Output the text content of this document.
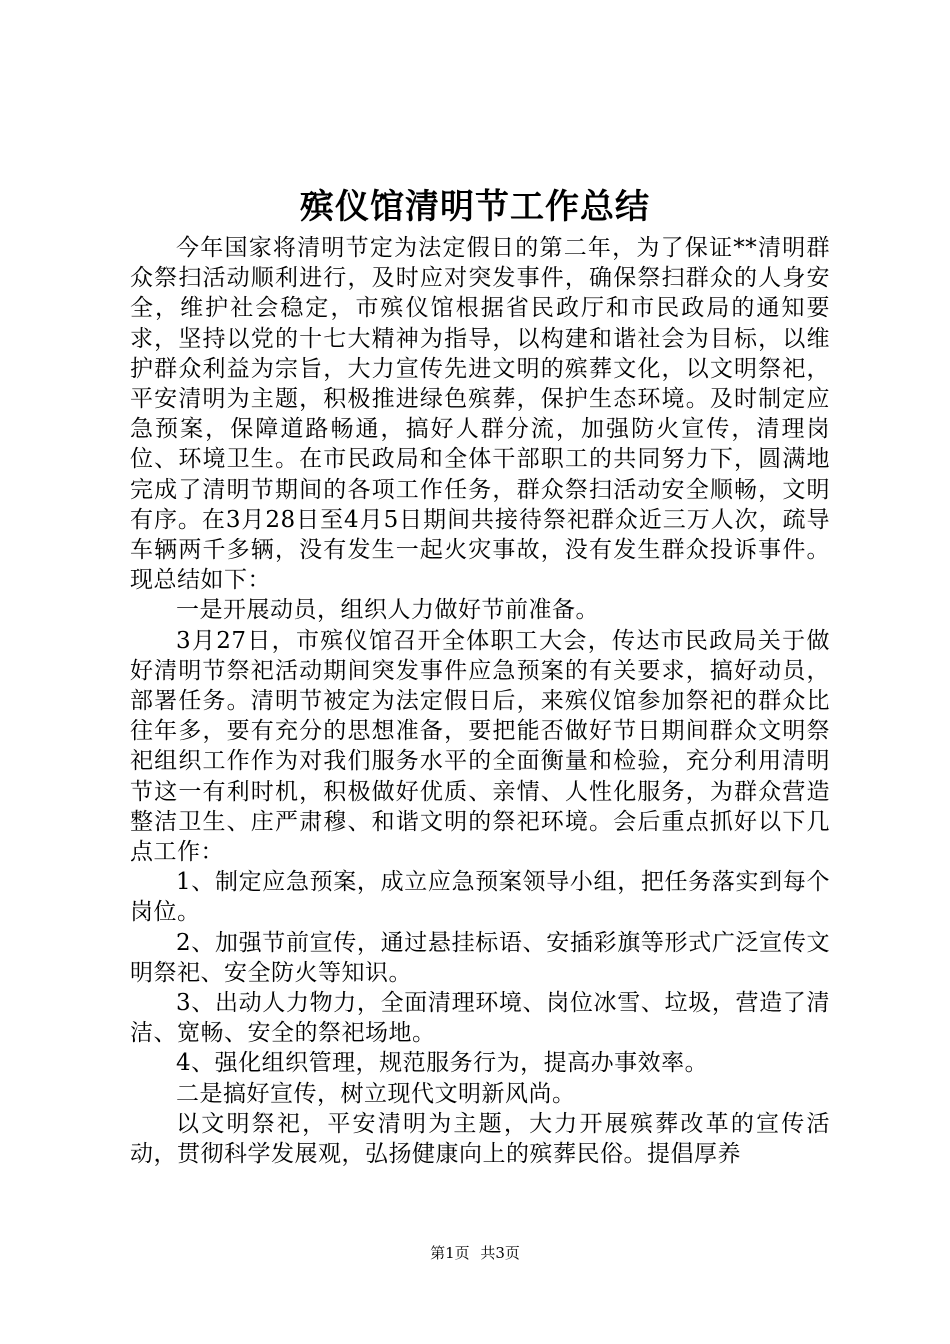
殡仪馆清明节工作总结

今年国家将清明节定为法定假日的第二年，为了保证**清明群众祭扫活动顺利进行，及时应对突发事件，确保祭扫群众的人身安全，维护社会稳定，市殡仪馆根据省民政厅和市民政局的通知要求，坚持以党的十七大精神为指导，以构建和谐社会为目标，以维护群众利益为宗旨，大力宣传先进文明的殡葬文化，以文明祭祀，平安清明为主题，积极推进绿色殡葬，保护生态环境。及时制定应急预案，保障道路畅通，搞好人群分流，加强防火宣传，清理岗位、环境卫生。在市民政局和全体干部职工的共同努力下，圆满地完成了清明节期间的各项工作任务，群众祭扫活动安全顺畅，文明有序。在3月28日至4月5日期间共接待祭祀群众近三万人次，疏导车辆两千多辆，没有发生一起火灾事故，没有发生群众投诉事件。现总结如下：

一是开展动员，组织人力做好节前准备。

3月27日，市殡仪馆召开全体职工大会，传达市民政局关于做好清明节祭祀活动期间突发事件应急预案的有关要求，搞好动员，部署任务。清明节被定为法定假日后，来殡仪馆参加祭祀的群众比往年多，要有充分的思想准备，要把能否做好节日期间群众文明祭祀组织工作作为对我们服务水平的全面衡量和检验，充分利用清明节这一有利时机，积极做好优质、亲情、人性化服务，为群众营造整洁卫生、庄严肃穆、和谐文明的祭祀环境。会后重点抓好以下几点工作：

1、制定应急预案，成立应急预案领导小组，把任务落实到每个岗位。

2、加强节前宣传，通过悬挂标语、安插彩旗等形式广泛宣传文明祭祀、安全防火等知识。

3、出动人力物力，全面清理环境、岗位冰雪、垃圾，营造了清洁、宽畅、安全的祭祀场地。

4、强化组织管理，规范服务行为，提高办事效率。

二是搞好宣传，树立现代文明新风尚。

以文明祭祀，平安清明为主题，大力开展殡葬改革的宣传活动，贯彻科学发展观，弘扬健康向上的殡葬民俗。提倡厚养

第1页 共3页
